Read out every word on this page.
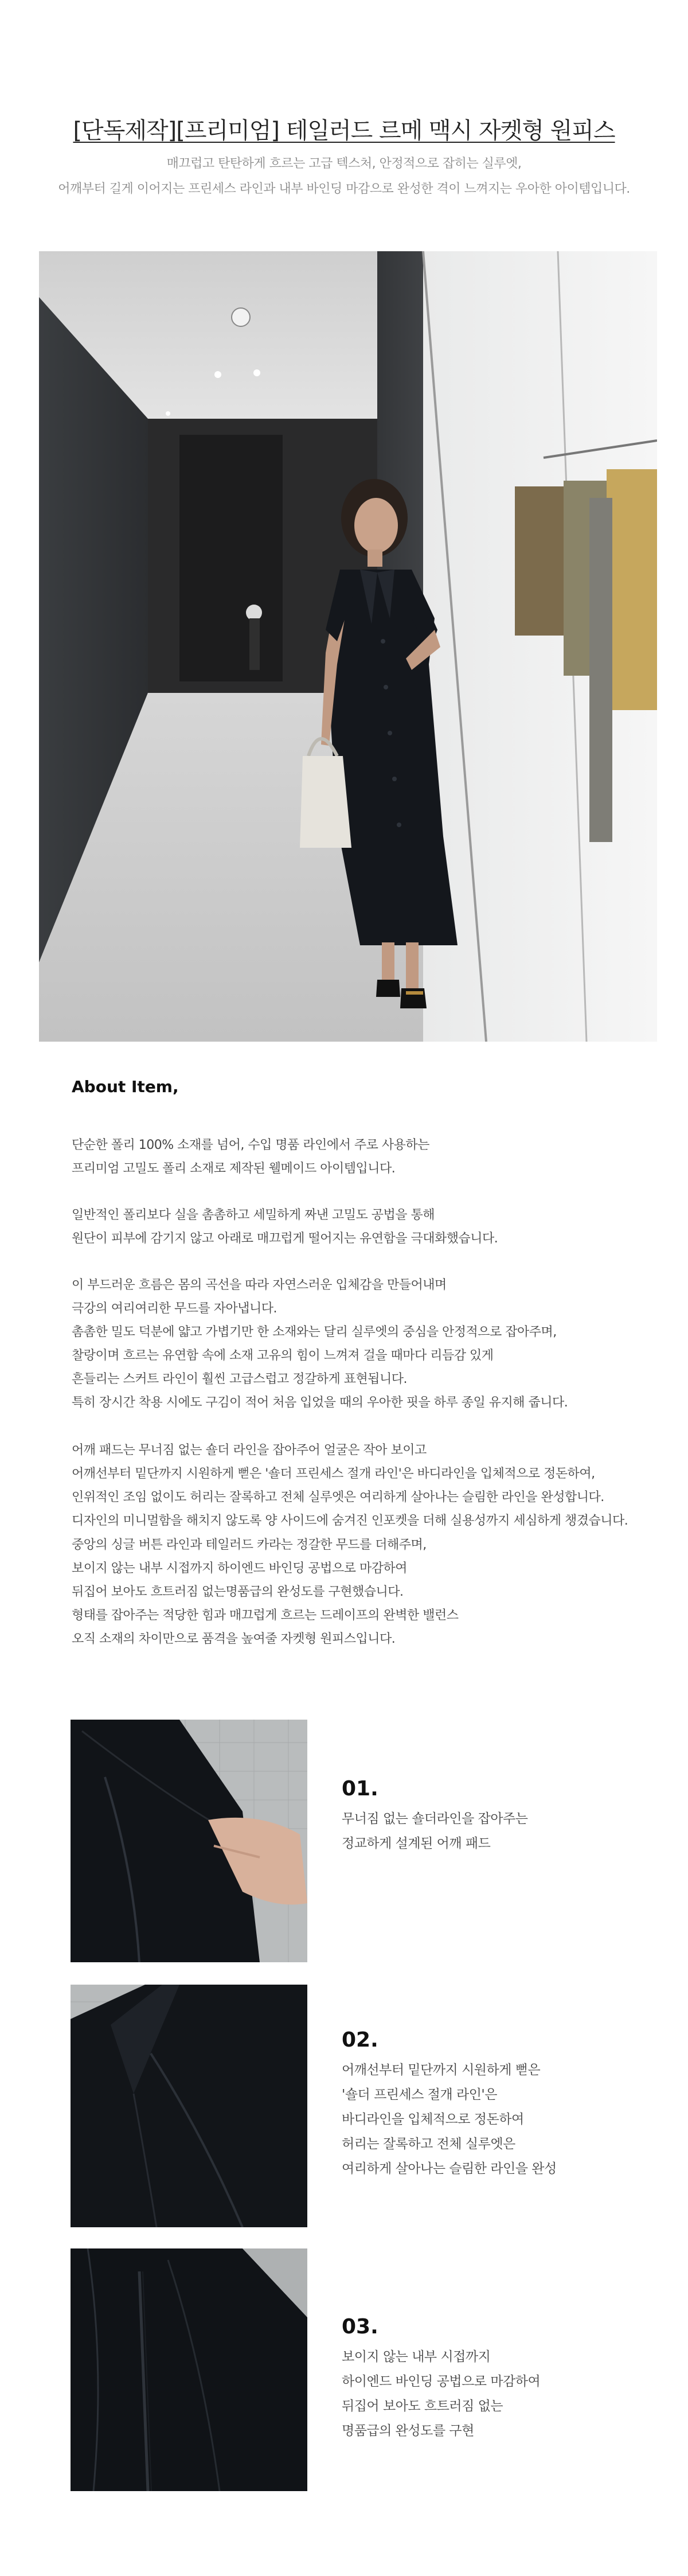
[단독제작][프리미엄] 테일러드 르메 맥시 자켓형 원피스
매끄럽고 탄탄하게 흐르는 고급 텍스처, 안정적으로 잡히는 실루엣,
어깨부터 길게 이어지는 프린세스 라인과 내부 바인딩 마감으로 완성한 격이 느껴지는 우아한 아이템입니다.
About Item,
단순한 폴리 100% 소재를 넘어, 수입 명품 라인에서 주로 사용하는
프리미엄 고밀도 폴리 소재로 제작된 웰메이드 아이템입니다.
일반적인 폴리보다 실을 촘촘하고 세밀하게 짜낸 고밀도 공법을 통해
원단이 피부에 감기지 않고 아래로 매끄럽게 떨어지는 유연함을 극대화했습니다.
이 부드러운 흐름은 몸의 곡선을 따라 자연스러운 입체감을 만들어내며
극강의 여리여리한 무드를 자아냅니다.
촘촘한 밀도 덕분에 얇고 가볍기만 한 소재와는 달리 실루엣의 중심을 안정적으로 잡아주며,
찰랑이며 흐르는 유연함 속에 소재 고유의 힘이 느껴져 걸을 때마다 리듬감 있게
흔들리는 스커트 라인이 훨씬 고급스럽고 정갈하게 표현됩니다.
특히 장시간 착용 시에도 구김이 적어 처음 입었을 때의 우아한 핏을 하루 종일 유지해 줍니다.
어깨 패드는 무너짐 없는 숄더 라인을 잡아주어 얼굴은 작아 보이고
어깨선부터 밑단까지 시원하게 뻗은 '숄더 프린세스 절개 라인'은 바디라인을 입체적으로 정돈하여,
인위적인 조임 없이도 허리는 잘록하고 전체 실루엣은 여리하게 살아나는 슬림한 라인을 완성합니다.
디자인의 미니멀함을 해치지 않도록 양 사이드에 숨겨진 인포켓을 더해 실용성까지 세심하게 챙겼습니다.
중앙의 싱글 버튼 라인과 테일러드 카라는 정갈한 무드를 더해주며,
보이지 않는 내부 시접까지 하이엔드 바인딩 공법으로 마감하여
뒤집어 보아도 흐트러짐 없는명품급의 완성도를 구현했습니다.
형태를 잡아주는 적당한 힘과 매끄럽게 흐르는 드레이프의 완벽한 밸런스
오직 소재의 차이만으로 품격을 높여줄 자켓형 원피스입니다.
01.
무너짐 없는 숄더라인을 잡아주는
정교하게 설계된 어깨 패드
02.
어깨선부터 밑단까지 시원하게 뻗은
'숄더 프린세스 절개 라인'은
바디라인을 입체적으로 정돈하여
허리는 잘록하고 전체 실루엣은
여리하게 살아나는 슬림한 라인을 완성
03.
보이지 않는 내부 시접까지
하이엔드 바인딩 공법으로 마감하여
뒤집어 보아도 흐트러짐 없는
명품급의 완성도를 구현
